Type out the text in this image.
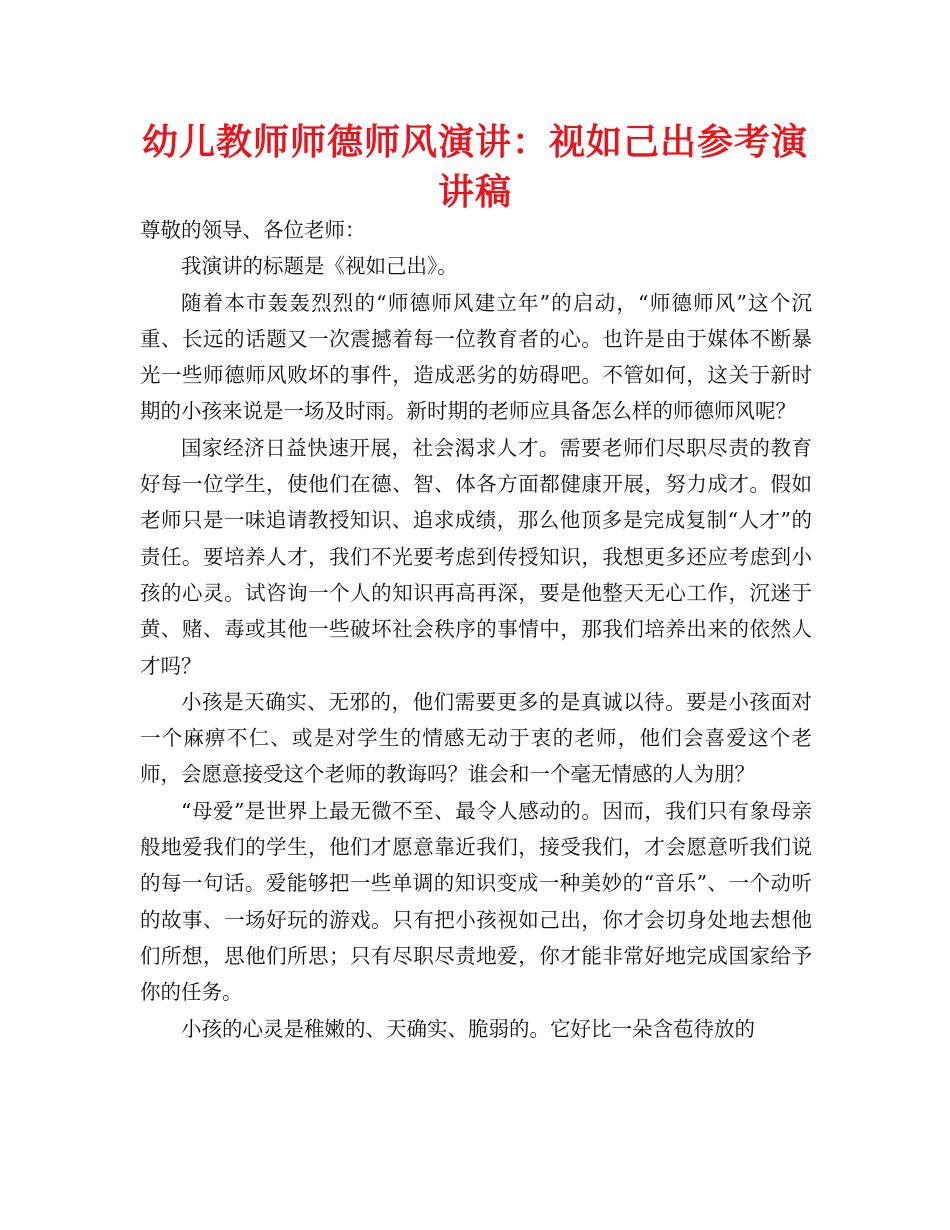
幼儿教师师德师风演讲：视如己出参考演讲稿

尊敬的领导、各位老师：

我演讲的标题是《视如己出》。

随着本市轰轰烈烈的“师德师风建立年”的启动，“师德师风”这个沉重、长远的话题又一次震撼着每一位教育者的心。也许是由于媒体不断暴光一些师德师风败坏的事件，造成恶劣的妨碍吧。不管如何，这关于新时期的小孩来说是一场及时雨。新时期的老师应具备怎么样的师德师风呢？

国家经济日益快速开展，社会渴求人才。需要老师们尽职尽责的教育好每一位学生，使他们在德、智、体各方面都健康开展，努力成才。假如老师只是一味追请教授知识、追求成绩，那么他顶多是完成复制“人才”的责任。要培养人才，我们不光要考虑到传授知识，我想更多还应考虑到小孩的心灵。试咨询一个人的知识再高再深，要是他整天无心工作，沉迷于黄、赌、毒或其他一些破坏社会秩序的事情中，那我们培养出来的依然人才吗？

小孩是天确实、无邪的，他们需要更多的是真诚以待。要是小孩面对一个麻痹不仁、或是对学生的情感无动于衷的老师，他们会喜爱这个老师，会愿意接受这个老师的教诲吗？谁会和一个毫无情感的人为朋？

“母爱”是世界上最无微不至、最令人感动的。因而，我们只有象母亲般地爱我们的学生，他们才愿意靠近我们，接受我们，才会愿意听我们说的每一句话。爱能够把一些单调的知识变成一种美妙的“音乐”、一个动听的故事、一场好玩的游戏。只有把小孩视如己出，你才会切身处地去想他们所想，思他们所思；只有尽职尽责地爱，你才能非常好地完成国家给予你的任务。

小孩的心灵是稚嫩的、天确实、脆弱的。它好比一朵含苞待放的
